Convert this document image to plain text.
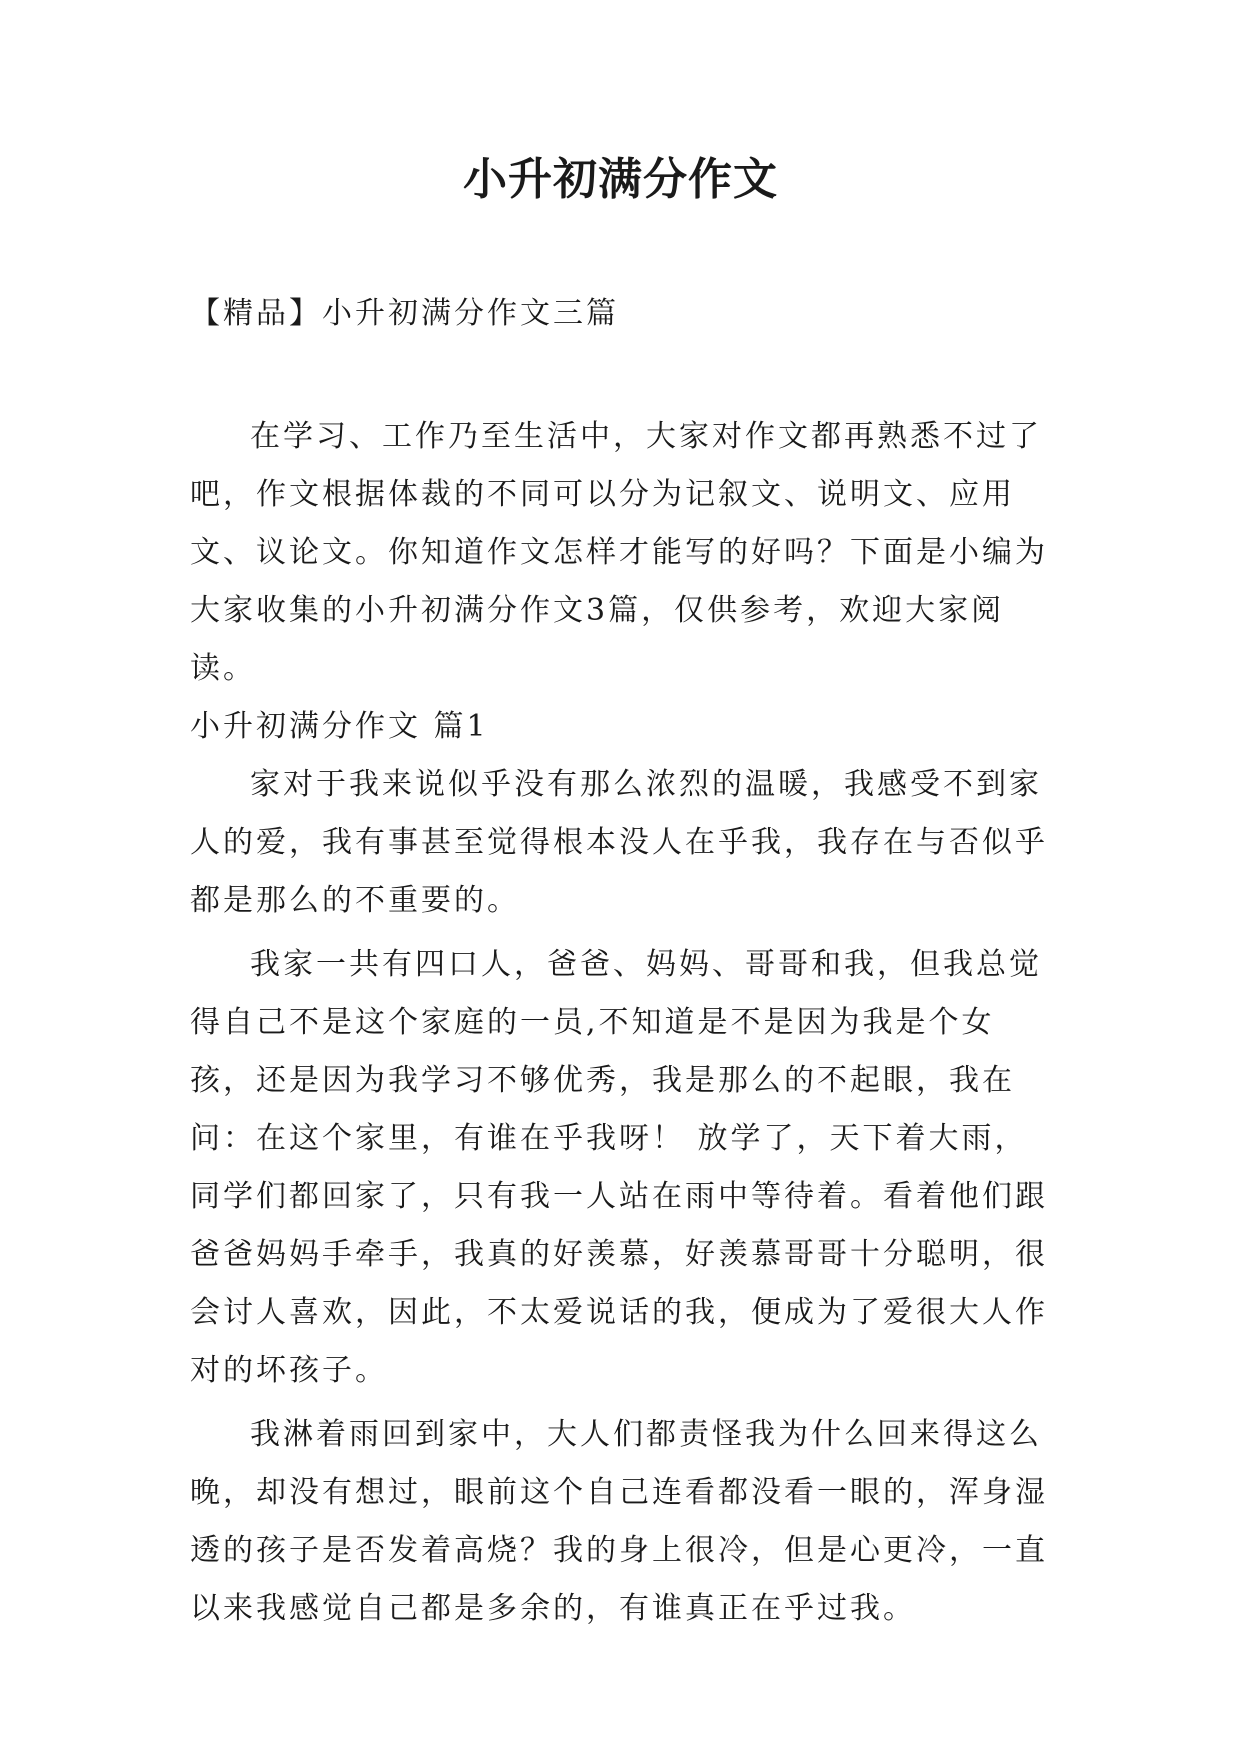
小升初满分作文
【精品】小升初满分作文三篇

在学习、工作乃至生活中，大家对作文都再熟悉不过了吧，作文根据体裁的不同可以分为记叙文、说明文、应用文、议论文。你知道作文怎样才能写的好吗？下面是小编为大家收集的小升初满分作文3篇，仅供参考，欢迎大家阅读。

小升初满分作文 篇1

家对于我来说似乎没有那么浓烈的温暖，我感受不到家人的爱，我有事甚至觉得根本没人在乎我，我存在与否似乎都是那么的不重要的。

我家一共有四口人，爸爸、妈妈、哥哥和我，但我总觉得自己不是这个家庭的一员,不知道是不是因为我是个女孩，还是因为我学习不够优秀，我是那么的不起眼，我在问：在这个家里，有谁在乎我呀！ 放学了，天下着大雨，同学们都回家了，只有我一人站在雨中等待着。看着他们跟爸爸妈妈手牵手，我真的好羡慕，好羡慕哥哥十分聪明，很会讨人喜欢，因此，不太爱说话的我，便成为了爱很大人作对的坏孩子。

我淋着雨回到家中，大人们都责怪我为什么回来得这么晚，却没有想过，眼前这个自己连看都没看一眼的，浑身湿透的孩子是否发着高烧？我的身上很冷，但是心更冷，一直以来我感觉自己都是多余的，有谁真正在乎过我。
